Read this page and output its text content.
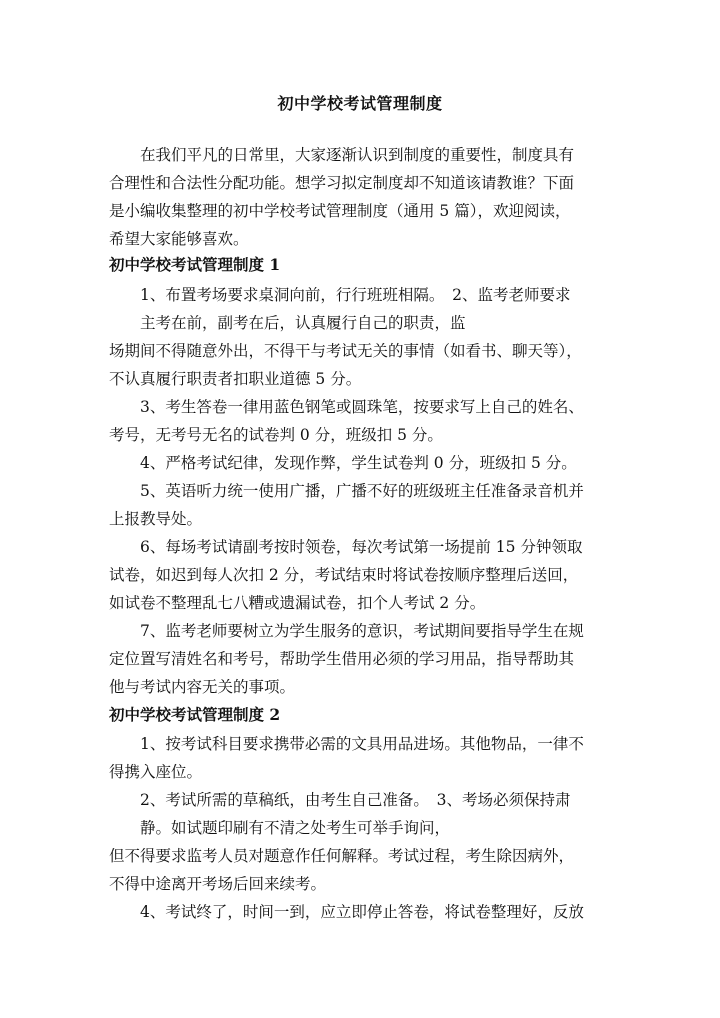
初中学校考试管理制度
　　在我们平凡的日常里，大家逐渐认识到制度的重要性，制度具有
合理性和合法性分配功能。想学习拟定制度却不知道该请教谁？下面
是小编收集整理的初中学校考试管理制度（通用 5 篇），欢迎阅读，
希望大家能够喜欢。
初中学校考试管理制度 1
　　1、布置考场要求桌洞向前，行行班班相隔。　2、监考老师要求
　　主考在前，副考在后，认真履行自己的职责，监
场期间不得随意外出，不得干与考试无关的事情（如看书、聊天等），
不认真履行职责者扣职业道德 5 分。
　　3、考生答卷一律用蓝色钢笔或圆珠笔，按要求写上自己的姓名、
考号，无考号无名的试卷判 0 分，班级扣 5 分。
　　4、严格考试纪律，发现作弊，学生试卷判 0 分，班级扣 5 分。
　　5、英语听力统一使用广播，广播不好的班级班主任准备录音机并
上报教导处。
　　6、每场考试请副考按时领卷，每次考试第一场提前 15 分钟领取
试卷，如迟到每人次扣 2 分，考试结束时将试卷按顺序整理后送回，
如试卷不整理乱七八糟或遗漏试卷，扣个人考试 2 分。
　　7、监考老师要树立为学生服务的意识，考试期间要指导学生在规
定位置写清姓名和考号，帮助学生借用必须的学习用品，指导帮助其
他与考试内容无关的事项。
初中学校考试管理制度 2
　　1、按考试科目要求携带必需的文具用品进场。其他物品，一律不
得携入座位。
　　2、考试所需的草稿纸，由考生自己准备。　3、考场必须保持肃
　　静。如试题印刷有不清之处考生可举手询问，
但不得要求监考人员对题意作任何解释。考试过程，考生除因病外，
不得中途离开考场后回来续考。
　　4、考试终了，时间一到，应立即停止答卷，将试卷整理好，反放
